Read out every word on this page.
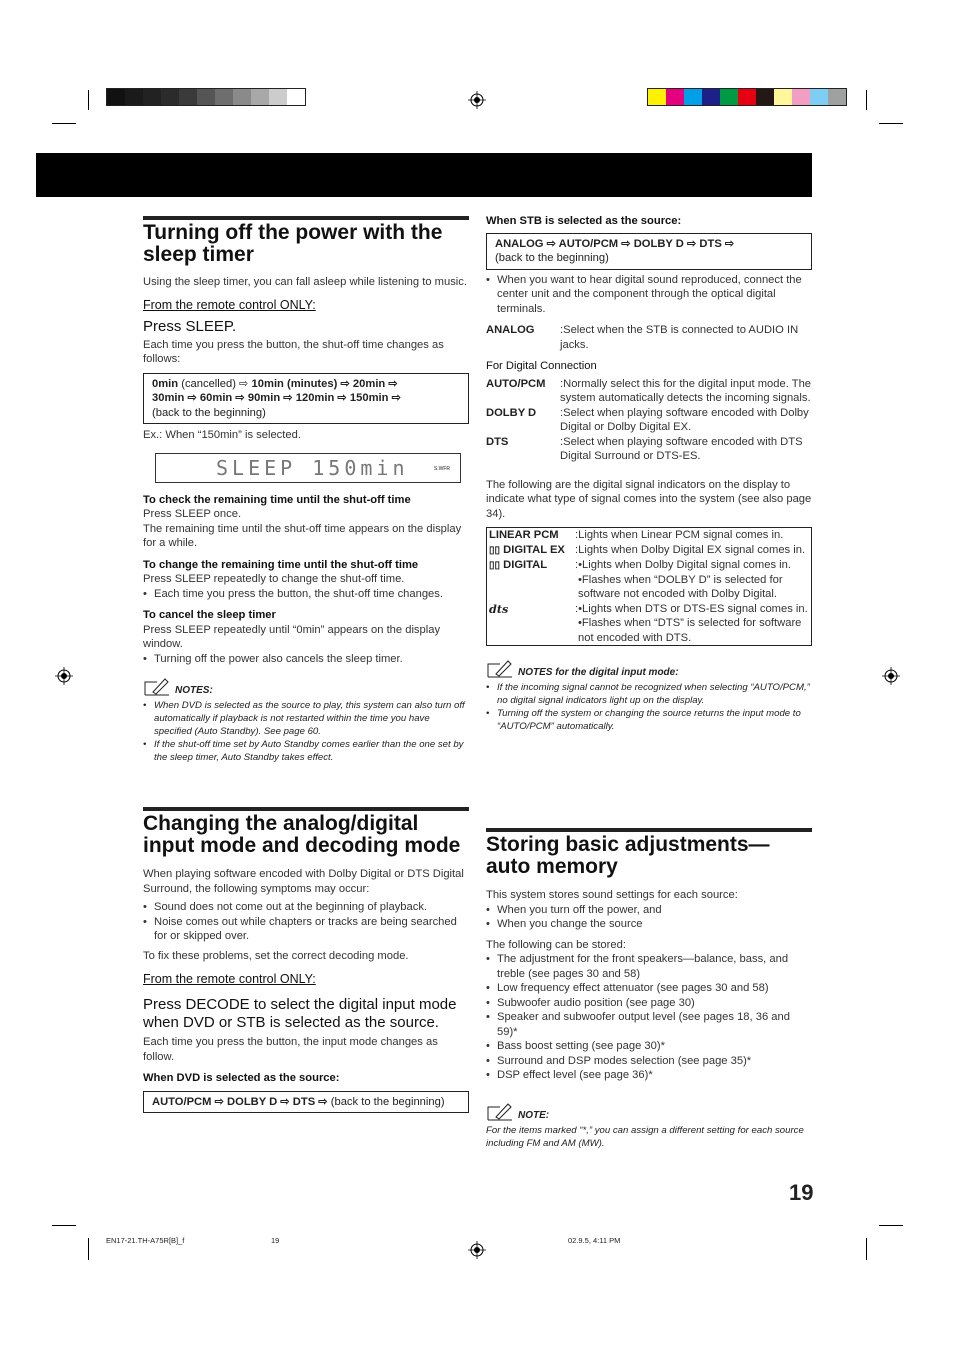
Turning off the power with the sleep timer
Using the sleep timer, you can fall asleep while listening to music.
From the remote control ONLY:
Press SLEEP.
Each time you press the button, the shut-off time changes as follows:
0min (cancelled) ⇨ 10min (minutes) ⇨ 20min ⇨
30min ⇨ 60min ⇨ 90min ⇨ 120min ⇨ 150min ⇨
(back to the beginning)
Ex.: When “150min” is selected.
SLEEP 150min	S.WFR
To check the remaining time until the shut-off time
Press SLEEP once.
The remaining time until the shut-off time appears on the display for a while.
To change the remaining time until the shut-off time
Press SLEEP repeatedly to change the shut-off time.
• Each time you press the button, the shut-off time changes.
To cancel the sleep timer
Press SLEEP repeatedly until “0min” appears on the display window.
• Turning off the power also cancels the sleep timer.
NOTES:
• When DVD is selected as the source to play, this system can also turn off automatically if playback is not restarted within the time you have specified (Auto Standby). See page 60.
• If the shut-off time set by Auto Standby comes earlier than the one set by the sleep timer, Auto Standby takes effect.
Changing the analog/digital input mode and decoding mode
When playing software encoded with Dolby Digital or DTS Digital Surround, the following symptoms may occur:
• Sound does not come out at the beginning of playback.
• Noise comes out while chapters or tracks are being searched for or skipped over.
To fix these problems, set the correct decoding mode.
From the remote control ONLY:
Press DECODE to select the digital input mode when DVD or STB is selected as the source.
Each time you press the button, the input mode changes as follow.
When DVD is selected as the source:
AUTO/PCM ⇨ DOLBY D ⇨ DTS ⇨ (back to the beginning)
When STB is selected as the source:
ANALOG ⇨ AUTO/PCM ⇨ DOLBY D ⇨ DTS ⇨
(back to the beginning)
• When you want to hear digital sound reproduced, connect the center unit and the component through the optical digital terminals.
ANALOG	:Select when the STB is connected to AUDIO IN jacks.
For Digital Connection
AUTO/PCM	:Normally select this for the digital input mode. The system automatically detects the incoming signals.
DOLBY D	:Select when playing software encoded with Dolby Digital or Dolby Digital EX.
DTS	:Select when playing software encoded with DTS Digital Surround or DTS-ES.
The following are the digital signal indicators on the display to indicate what type of signal comes into the system (see also page 34).
LINEAR PCM	:Lights when Linear PCM signal comes in.
▯▯ DIGITAL EX :Lights when Dolby Digital EX signal comes in.
▯▯ DIGITAL	:•Lights when Dolby Digital signal comes in.
•Flashes when “DOLBY D” is selected for software not encoded with Dolby Digital.
dts	:•Lights when DTS or DTS-ES signal comes in.
•Flashes when “DTS” is selected for software not encoded with DTS.
NOTES for the digital input mode:
• If the incoming signal cannot be recognized when selecting “AUTO/PCM,” no digital signal indicators light up on the display.
• Turning off the system or changing the source returns the input mode to “AUTO/PCM” automatically.
Storing basic adjustments—auto memory
This system stores sound settings for each source:
• When you turn off the power, and
• When you change the source
The following can be stored:
• The adjustment for the front speakers—balance, bass, and treble (see pages 30 and 58)
• Low frequency effect attenuator (see pages 30 and 58)
• Subwoofer audio position (see page 30)
• Speaker and subwoofer output level (see pages 18, 36 and 59)*
• Bass boost setting (see page 30)*
• Surround and DSP modes selection (see page 35)*
• DSP effect level (see page 36)*
NOTE:
For the items marked “*,” you can assign a different setting for each source including FM and AM (MW).
19
EN17-21.TH-A75R[B]_f	19	02.9.5, 4:11 PM
